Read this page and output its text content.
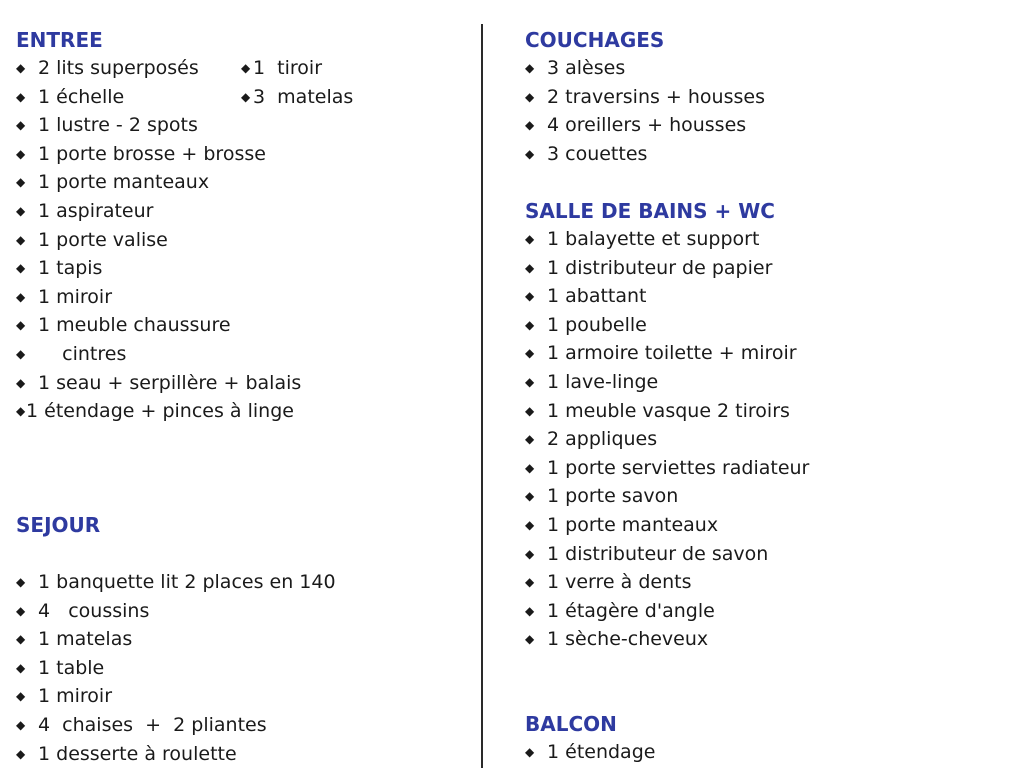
ENTREE
◆ 2 lits superposés
◆ 1 échelle
◆ 1 lustre - 2 spots
◆ 1 porte brosse + brosse
◆ 1 porte manteaux
◆ 1 aspirateur
◆ 1 porte valise
◆ 1 tapis
◆ 1 miroir
◆ 1 meuble chaussure
◆    cintres
◆ 1 seau + serpillère + balais
◆1 étendage + pinces à linge
◆ 1  tiroir
◆ 3  matelas
SEJOUR
◆ 1 banquette lit 2 places en 140
◆ 4   coussins
◆ 1 matelas
◆ 1 table
◆ 1 miroir
◆ 4  chaises  +  2 pliantes
◆ 1 desserte à roulette
COUCHAGES
◆ 3 alèses
◆ 2 traversins + housses
◆ 4 oreillers + housses
◆ 3 couettes
SALLE DE BAINS + WC
◆ 1 balayette et support
◆ 1 distributeur de papier
◆ 1 abattant
◆ 1 poubelle
◆ 1 armoire toilette + miroir
◆ 1 lave-linge
◆ 1 meuble vasque 2 tiroirs
◆ 2 appliques
◆ 1 porte serviettes radiateur
◆ 1 porte savon
◆ 1 porte manteaux
◆ 1 distributeur de savon
◆ 1 verre à dents
◆ 1 étagère d'angle
◆ 1 sèche-cheveux
BALCON
◆ 1 étendage
